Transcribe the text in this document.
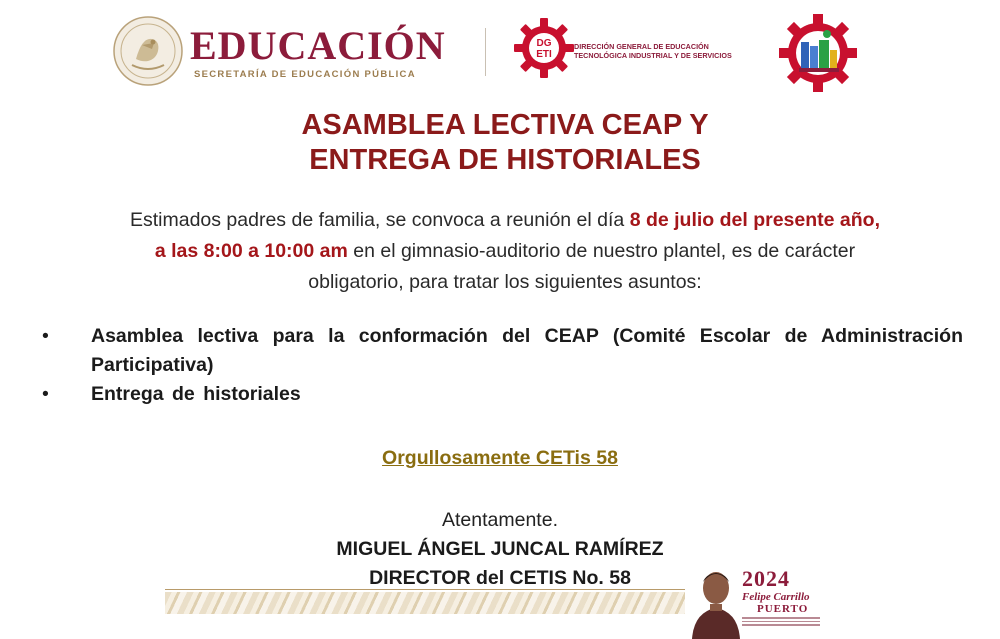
EDUCACIÓN
SECRETARÍA DE EDUCACIÓN PÚBLICA
DG
ETI
DIRECCIÓN GENERAL DE EDUCACIÓN
TECNOLÓGICA INDUSTRIAL Y DE SERVICIOS
ASAMBLEA LECTIVA CEAP Y
ENTREGA DE HISTORIALES
Estimados padres de familia, se convoca a reunión el día 8 de julio del presente año,
a las 8:00 a 10:00 am en el gimnasio-auditorio de nuestro plantel, es de carácter
obligatorio, para tratar los siguientes asuntos:
• Asamblea lectiva para la conformación del CEAP (Comité Escolar de Administración Participativa)
• Entrega de historiales
Orgullosamente CETis 58
Atentamente.
MIGUEL ÁNGEL JUNCAL RAMÍREZ
DIRECTOR del CETIS No. 58	2024
Felipe Carrillo
PUERTO
